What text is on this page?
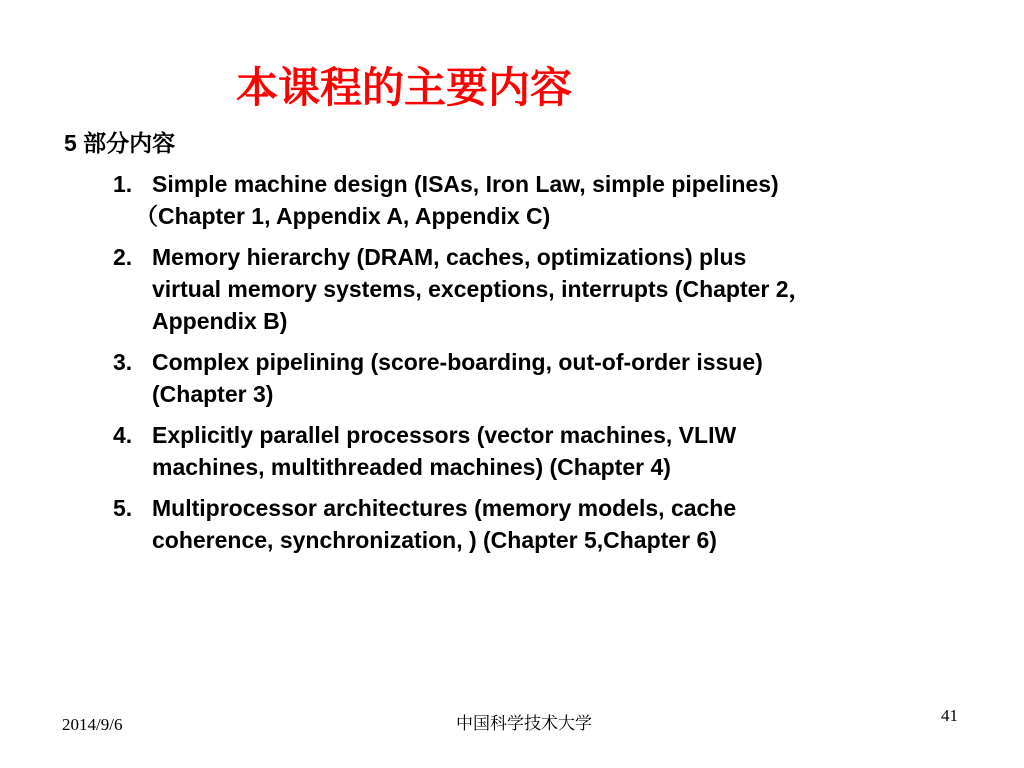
本课程的主要内容
5 部分内容
1. Simple machine design (ISAs, Iron Law, simple pipelines)
（Chapter 1, Appendix A, Appendix C)
2. Memory hierarchy (DRAM, caches, optimizations) plus
virtual memory systems, exceptions, interrupts (Chapter 2，
Appendix B)
3. Complex pipelining (score-boarding, out-of-order issue)
(Chapter 3)
4. Explicitly parallel processors (vector machines, VLIW
machines, multithreaded machines) (Chapter 4)
5. Multiprocessor architectures (memory models, cache
coherence, synchronization, ) (Chapter 5,Chapter 6)
2014/9/6	中国科学技术大学	41
